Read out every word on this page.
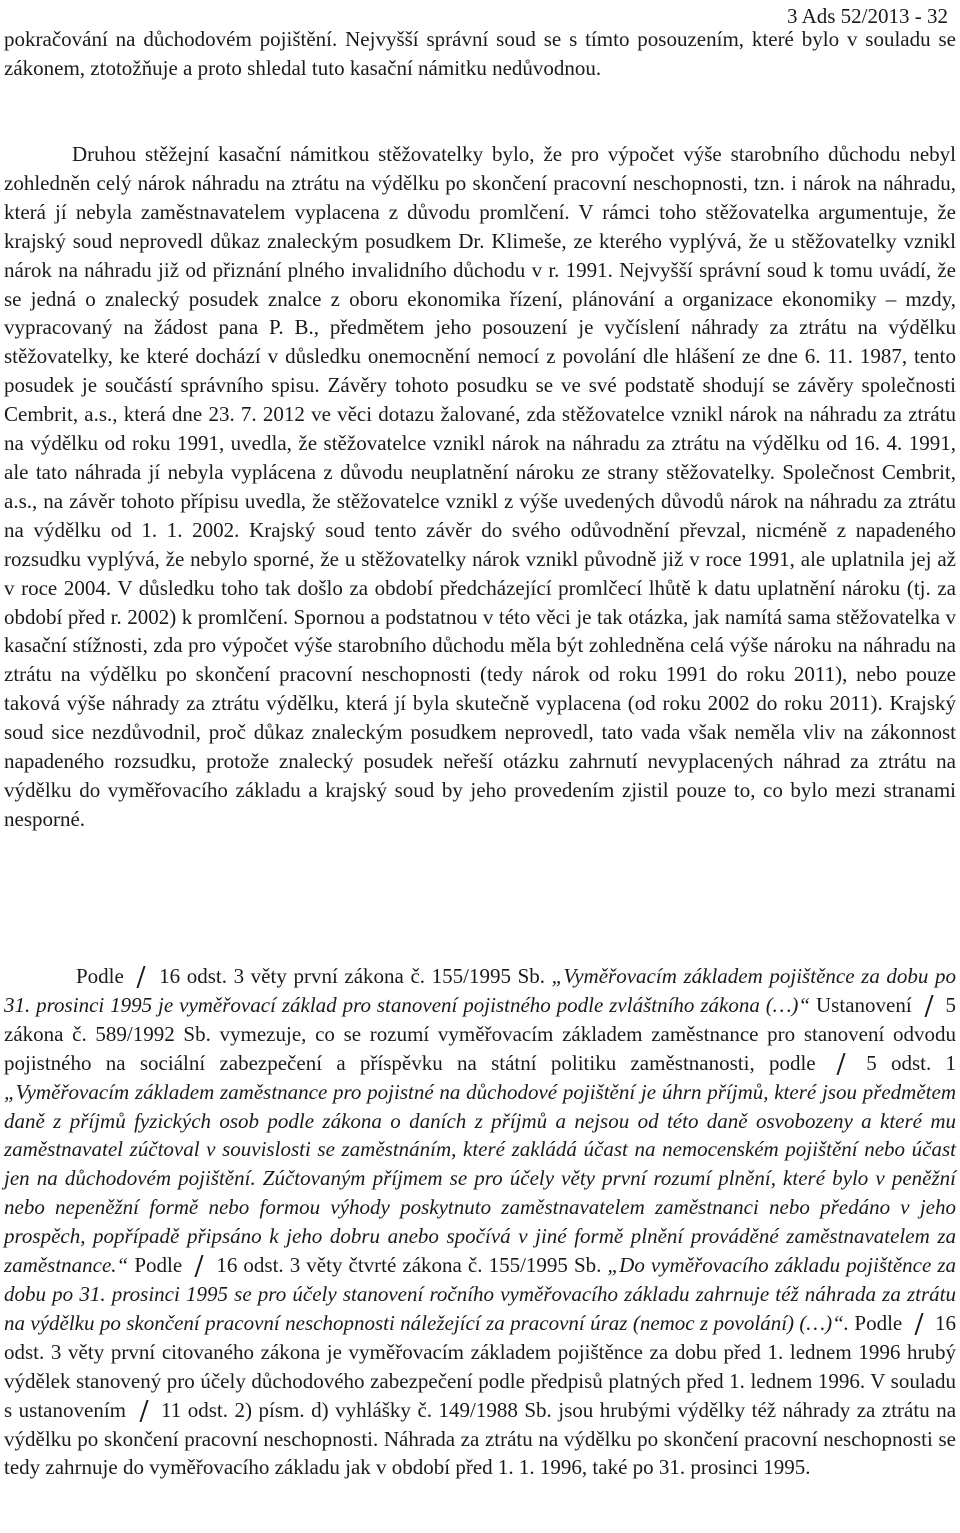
3 Ads 52/2013 - 32

pokračování na důchodovém pojištění. Nejvyšší správní soud se s tímto posouzením, které bylo v souladu se zákonem, ztotožňuje a proto shledal tuto kasační námitku nedůvodnou.

Druhou stěžejní kasační námitkou stěžovatelky bylo, že pro výpočet výše starobního důchodu nebyl zohledněn celý nárok náhradu na ztrátu na výdělku po skončení pracovní neschopnosti, tzn. i nárok na náhradu, která jí nebyla zaměstnavatelem vyplacena z důvodu promlčení. V rámci toho stěžovatelka argumentuje, že krajský soud neprovedl důkaz znaleckým posudkem Dr. Klimeše, ze kterého vyplývá, že u stěžovatelky vznikl nárok na náhradu již od přiznání plného invalidního důchodu v r. 1991. Nejvyšší správní soud k tomu uvádí, že se jedná o znalecký posudek znalce z oboru ekonomika řízení, plánování a organizace ekonomiky – mzdy, vypracovaný na žádost pana P. B., předmětem jeho posouzení je vyčíslení náhrady za ztrátu na výdělku stěžovatelky, ke které dochází v důsledku onemocnění nemocí z povolání dle hlášení ze dne 6. 11. 1987, tento posudek je součástí správního spisu. Závěry tohoto posudku se ve své podstatě shodují se závěry společnosti Cembrit, a.s., která dne 23. 7. 2012 ve věci dotazu žalované, zda stěžovatelce vznikl nárok na náhradu za ztrátu na výdělku od roku 1991, uvedla, že stěžovatelce vznikl nárok na náhradu za ztrátu na výdělku od 16. 4. 1991, ale tato náhrada jí nebyla vyplácena z důvodu neuplatnění nároku ze strany stěžovatelky. Společnost Cembrit, a.s., na závěr tohoto přípisu uvedla, že stěžovatelce vznikl z výše uvedených důvodů nárok na náhradu za ztrátu na výdělku od 1. 1. 2002. Krajský soud tento závěr do svého odůvodnění převzal, nicméně z napadeného rozsudku vyplývá, že nebylo sporné, že u stěžovatelky nárok vznikl původně již v roce 1991, ale uplatnila jej až v roce 2004. V důsledku toho tak došlo za období předcházející promlčecí lhůtě k datu uplatnění nároku (tj. za období před r. 2002) k promlčení. Spornou a podstatnou v této věci je tak otázka, jak namítá sama stěžovatelka v kasační stížnosti, zda pro výpočet výše starobního důchodu měla být zohledněna celá výše nároku na náhradu na ztrátu na výdělku po skončení pracovní neschopnosti (tedy nárok od roku 1991 do roku 2011), nebo pouze taková výše náhrady za ztrátu výdělku, která jí byla skutečně vyplacena (od roku 2002 do roku 2011). Krajský soud sice nezdůvodnil, proč důkaz znaleckým posudkem neprovedl, tato vada však neměla vliv na zákonnost napadeného rozsudku, protože znalecký posudek neřeší otázku zahrnutí nevyplacených náhrad za ztrátu na výdělku do vyměřovacího základu a krajský soud by jeho provedením zjistil pouze to, co bylo mezi stranami nesporné.

Podle 16 odst. 3 věty první zákona č. 155/1995 Sb. „Vyměřovacím základem pojištěnce za dobu po 31. prosinci 1995 je vyměřovací základ pro stanovení pojistného podle zvláštního zákona (…)“ Ustanovení 5 zákona č. 589/1992 Sb. vymezuje, co se rozumí vyměřovacím základem zaměstnance pro stanovení odvodu pojistného na sociální zabezpečení a příspěvku na státní politiku zaměstnanosti, podle 5 odst. 1 „Vyměřovacím základem zaměstnance pro pojistné na důchodové pojištění je úhrn příjmů, které jsou předmětem daně z příjmů fyzických osob podle zákona o daních z příjmů a nejsou od této daně osvobozeny a které mu zaměstnavatel zúčtoval v souvislosti se zaměstnáním, které zakládá účast na nemocenském pojištění nebo účast jen na důchodovém pojištění. Zúčtovaným příjmem se pro účely věty první rozumí plnění, které bylo v peněžní nebo nepeněžní formě nebo formou výhody poskytnuto zaměstnavatelem zaměstnanci nebo předáno v jeho prospěch, popřípadě připsáno k jeho dobru anebo spočívá v jiné formě plnění prováděné zaměstnavatelem za zaměstnance.“ Podle 16 odst. 3 věty čtvrté zákona č. 155/1995 Sb. „Do vyměřovacího základu pojištěnce za dobu po 31. prosinci 1995 se pro účely stanovení ročního vyměřovacího základu zahrnuje též náhrada za ztrátu na výdělku po skončení pracovní neschopnosti náležející za pracovní úraz (nemoc z povolání) (…)“. Podle 16 odst. 3 věty první citovaného zákona je vyměřovacím základem pojištěnce za dobu před 1. lednem 1996 hrubý výdělek stanovený pro účely důchodového zabezpečení podle předpisů platných před 1. lednem 1996. V souladu s ustanovením 11 odst. 2) písm. d) vyhlášky č. 149/1988 Sb. jsou hrubými výdělky též náhrady za ztrátu na výdělku po skončení pracovní neschopnosti. Náhrada za ztrátu na výdělku po skončení pracovní neschopnosti se tedy zahrnuje do vyměřovacího základu jak v období před 1. 1. 1996, také po 31. prosinci 1995.
